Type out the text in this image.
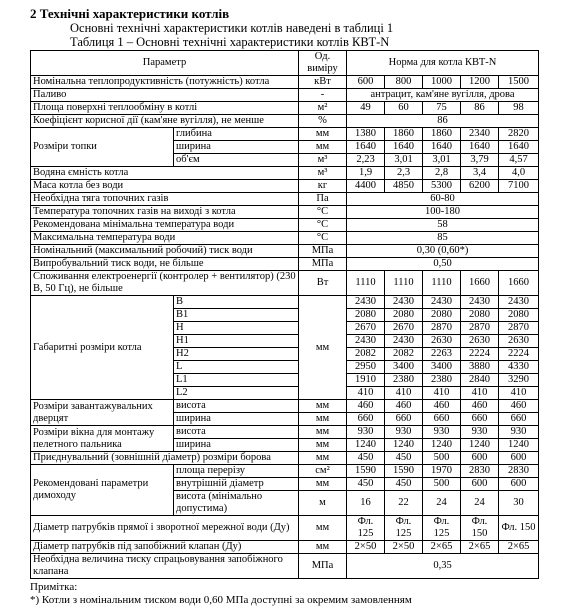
2 Технічні характеристики котлів

Основні технічні характеристики котлів наведені в таблиці 1

Таблиця 1 – Основні технічні характеристики котлів КВТ-N

Параметр		Од. виміру	Норма для котла КВТ-N				
Номінальна теплопродуктивність (потужність) котла		кВт	600	800	1000	1200	1500
Паливо		-	антрацит, кам'яне вугілля, дрова				
Площа поверхні теплообміну в котлі		м²	49	60	75	86	98
Коефіцієнт корисної дії (кам'яне вугілля), не менше		%	86				
Розміри топки	глибина	мм	1380	1860	1860	2340	2820
	ширина	мм	1640	1640	1640	1640	1640
	об'єм	м³	2,23	3,01	3,01	3,79	4,57
Водяна ємність котла		м³	1,9	2,3	2,8	3,4	4,0
Маса котла без води		кг	4400	4850	5300	6200	7100
Необхідна тяга топочних газів		Па	60-80				
Температура топочних газів на виході з котла		°С	100-180				
Рекомендована мінімальна температура води		°С	58				
Максимальна температура води		°С	85				
Номінальний (максимальний робочий) тиск води		МПа	0,30 (0,60*)				
Випробувальний тиск води, не більше		МПа	0,50				
Споживання електроенергії (контролер + вентилятор) (230 В, 50 Гц), не більше		Вт	1110	1110	1110	1660	1660
Габаритні розміри котла	B	мм	2430	2430	2430	2430	2430
	B1		2080	2080	2080	2080	2080
	H		2670	2670	2870	2870	2870
	H1		2430	2430	2630	2630	2630
	H2		2082	2082	2263	2224	2224
	L		2950	3400	3400	3880	4330
	L1		1910	2380	2380	2840	3290
	L2		410	410	410	410	410
Розміри завантажувальних дверцят	висота	мм	460	460	460	460	460
	ширина	мм	660	660	660	660	660
Розміри вікна для монтажу пелетного пальника	висота	мм	930	930	930	930	930
	ширина	мм	1240	1240	1240	1240	1240
Приєднувальний (зовнішній діаметр) розміри борова		мм	450	450	500	600	600
Рекомендовані параметри димоходу	площа перерізу	см²	1590	1590	1970	2830	2830
	внутрішній діаметр	мм	450	450	500	600	600
	висота (мінімально допустима)	м	16	22	24	24	30
Діаметр патрубків прямої і зворотної мережної води (Ду)		мм	Фл. 125	Фл. 125	Фл. 125	Фл. 150	Фл. 150
Діаметр патрубків під запобіжний клапан (Ду)		мм	2×50	2×50	2×65	2×65	2×65
Необхідна величина тиску спрацьовування запобіжного клапана		МПа	0,35				

Примітка:

*) Котли з номінальним тиском води 0,60 МПа доступні за окремим замовленням
